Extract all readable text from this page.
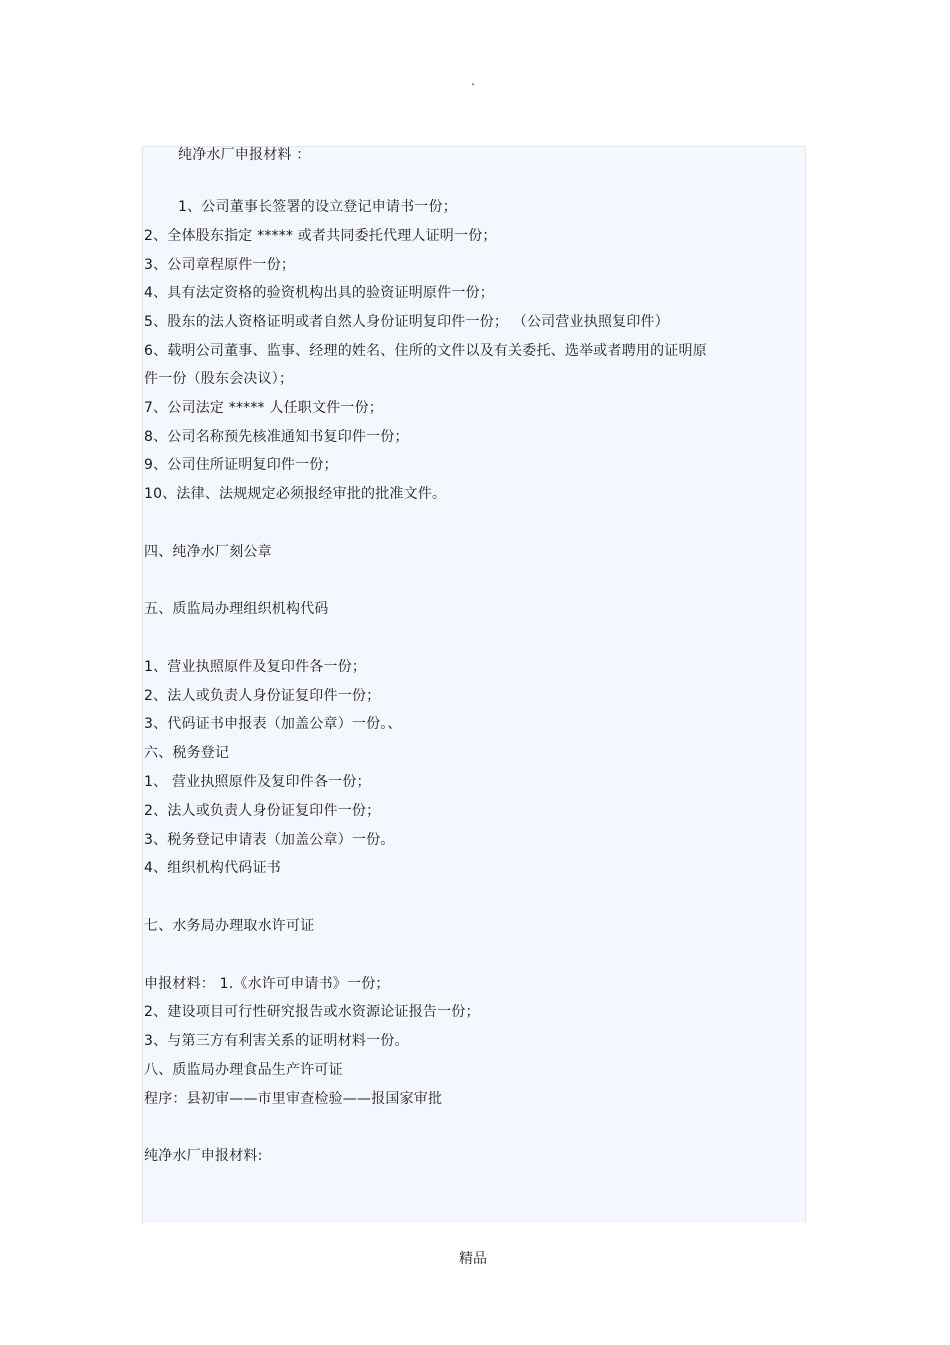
.
纯净水厂申报材料 ：
1、公司董事长签署的设立登记申请书一份；
2、全体股东指定 ***** 或者共同委托代理人证明一份；
3、公司章程原件一份；
4、具有法定资格的验资机构出具的验资证明原件一份；
5、股东的法人资格证明或者自然人身份证明复印件一份； （公司营业执照复印件）
6、载明公司董事、监事、经理的姓名、住所的文件以及有关委托、选举或者聘用的证明原
件一份（股东会决议）；
7、公司法定 ***** 人任职文件一份；
8、公司名称预先核准通知书复印件一份；
9、公司住所证明复印件一份；
10、法律、法规规定必须报经审批的批准文件。
四、纯净水厂刻公章
五、质监局办理组织机构代码
1、营业执照原件及复印件各一份；
2、法人或负责人身份证复印件一份；
3、代码证书申报表（加盖公章）一份。、
六、税务登记
1、 营业执照原件及复印件各一份；
2、法人或负责人身份证复印件一份；
3、税务登记申请表（加盖公章）一份。
4、组织机构代码证书
七、水务局办理取水许可证
申报材料： 1.《水许可申请书》一份；
2、建设项目可行性研究报告或水资源论证报告一份；
3、与第三方有利害关系的证明材料一份。
八、质监局办理食品生产许可证
程序：县初审——市里审查检验——报国家审批
纯净水厂申报材料:
精品
